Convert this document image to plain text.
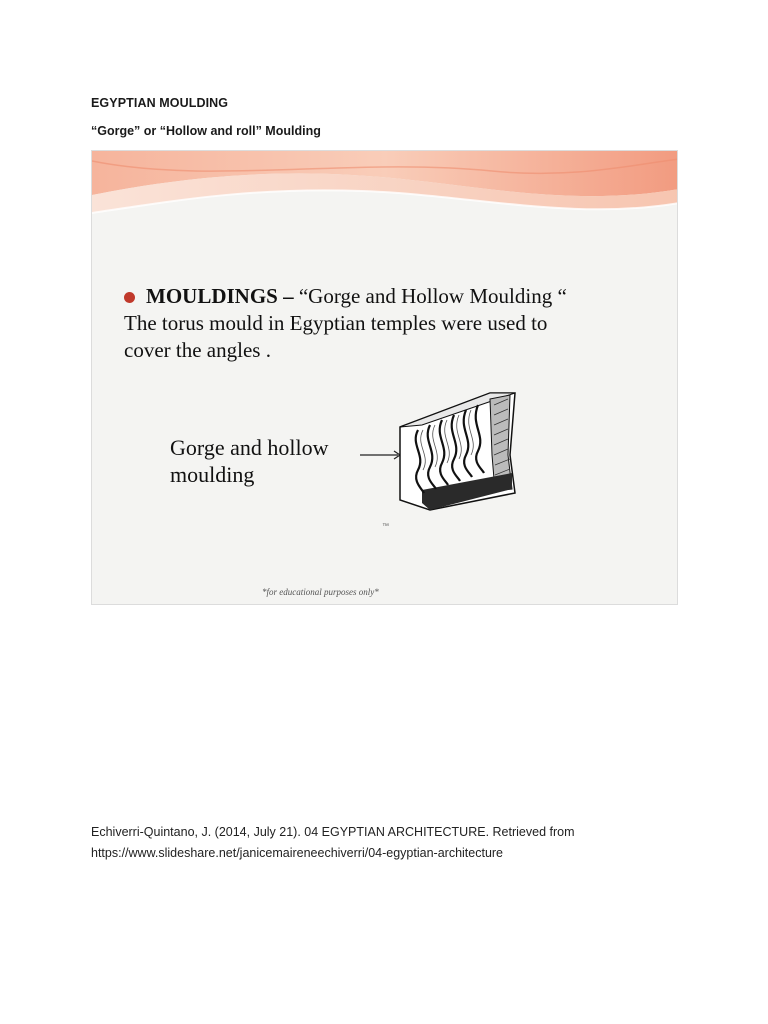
EGYPTIAN MOULDING
“Gorge” or “Hollow and roll” Moulding
MOULDINGS – “Gorge and Hollow Moulding “
The torus mould in Egyptian temples were used to
cover the angles .
Gorge and hollow
moulding
™
*for educational purposes only*
Echiverri-Quintano, J. (2014, July 21). 04 EGYPTIAN ARCHITECTURE. Retrieved from
https://www.slideshare.net/janicemaireneechiverri/04-egyptian-architecture
